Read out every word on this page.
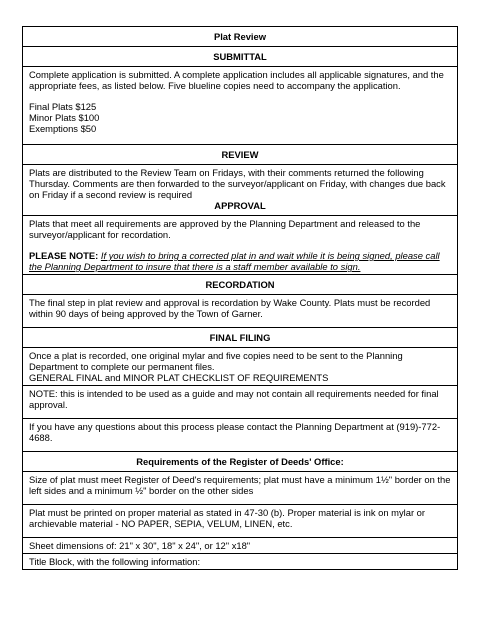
Plat Review
SUBMITTAL

Complete application is submitted. A complete application includes all applicable signatures, and the appropriate fees, as listed below. Five blueline copies need to accompany the application.

Final Plats $125

Minor Plats $100

Exemptions $50

REVIEW

Plats are distributed to the Review Team on Fridays, with their comments returned the following Thursday. Comments are then forwarded to the surveyor/applicant on Friday, with changes due back on Friday if a second review is required

APPROVAL

Plats that meet all requirements are approved by the Planning Department and released to the surveyor/applicant for recordation.

PLEASE NOTE: If you wish to bring a corrected plat in and wait while it is being signed, please call the Planning Department to insure that there is a staff member available to sign.

RECORDATION

The final step in plat review and approval is recordation by Wake County. Plats must be recorded within 90 days of being approved by the Town of Garner.

FINAL FILING

Once a plat is recorded, one original mylar and five copies need to be sent to the Planning Department to complete our permanent files.

GENERAL FINAL and MINOR PLAT CHECKLIST OF REQUIREMENTS

NOTE: this is intended to be used as a guide and may not contain all requirements needed for final approval.

If you have any questions about this process please contact the Planning Department at (919)-772-4688.

Requirements of the Register of Deeds' Office:

Size of plat must meet Register of Deed's requirements; plat must have a minimum 1½" border on the left sides and a minimum ½" border on the other sides

Plat must be printed on proper material as stated in 47-30 (b). Proper material is ink on mylar or archievable material - NO PAPER, SEPIA, VELUM, LINEN, etc.

Sheet dimensions of: 21" x 30", 18" x 24", or 12" x18"

Title Block, with the following information:
